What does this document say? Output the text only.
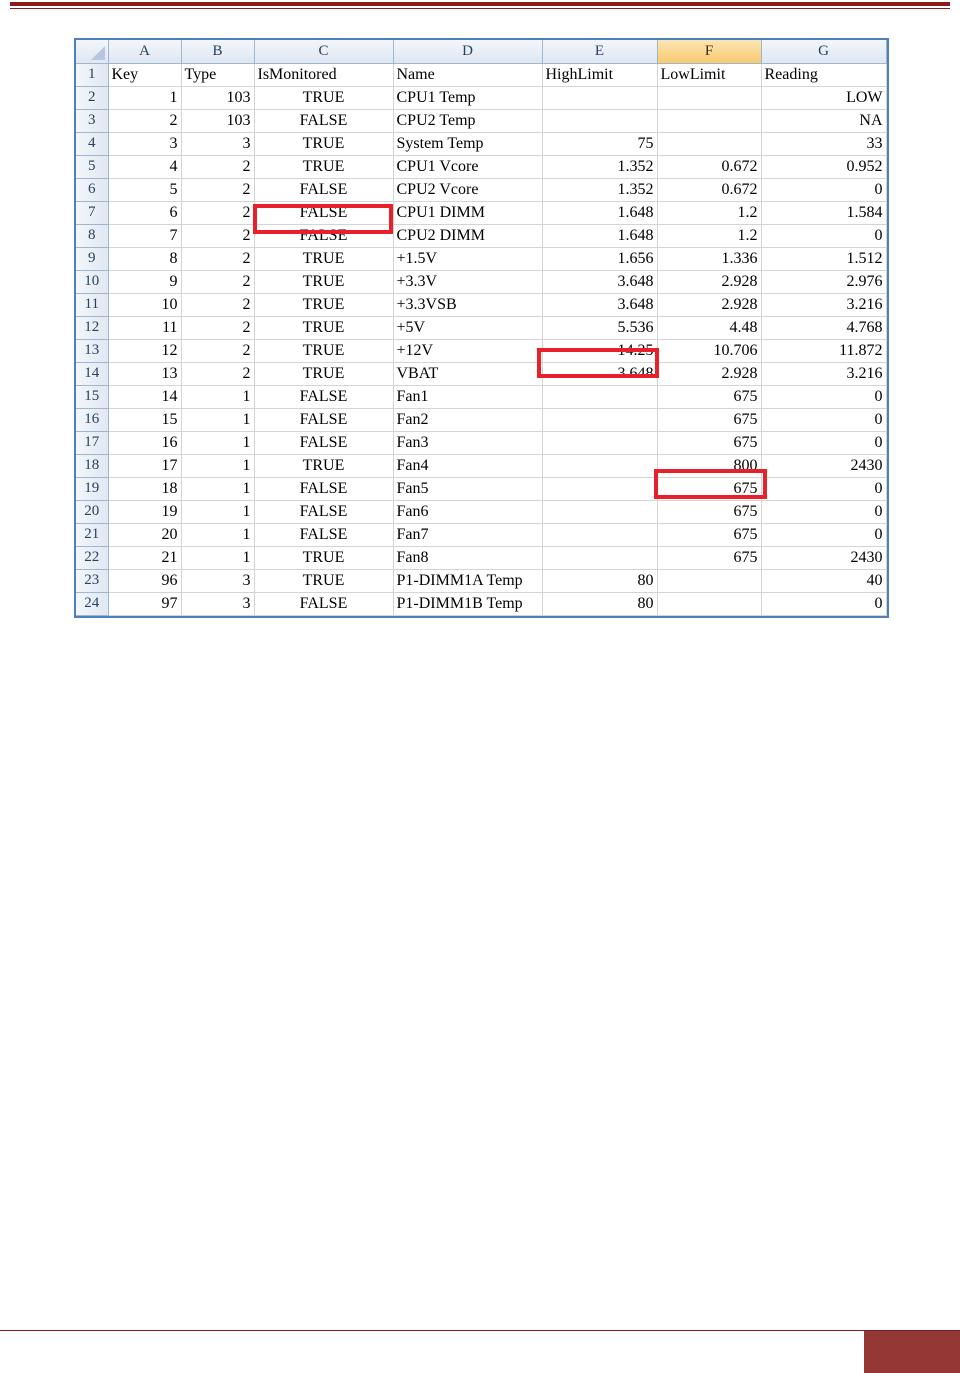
	A	B	C	D	E	F	G
1	Key	Type	IsMonitored	Name	HighLimit	LowLimit	Reading
2	1	103	TRUE	CPU1 Temp			LOW
3	2	103	FALSE	CPU2 Temp			NA
4	3	3	TRUE	System Temp	75		33
5	4	2	TRUE	CPU1 Vcore	1.352	0.672	0.952
6	5	2	FALSE	CPU2 Vcore	1.352	0.672	0
7	6	2	FALSE	CPU1 DIMM	1.648	1.2	1.584
8	7	2	FALSE	CPU2 DIMM	1.648	1.2	0
9	8	2	TRUE	+1.5V	1.656	1.336	1.512
10	9	2	TRUE	+3.3V	3.648	2.928	2.976
11	10	2	TRUE	+3.3VSB	3.648	2.928	3.216
12	11	2	TRUE	+5V	5.536	4.48	4.768
13	12	2	TRUE	+12V	14.25	10.706	11.872
14	13	2	TRUE	VBAT	3.648	2.928	3.216
15	14	1	FALSE	Fan1		675	0
16	15	1	FALSE	Fan2		675	0
17	16	1	FALSE	Fan3		675	0
18	17	1	TRUE	Fan4		800	2430
19	18	1	FALSE	Fan5		675	0
20	19	1	FALSE	Fan6		675	0
21	20	1	FALSE	Fan7		675	0
22	21	1	TRUE	Fan8		675	2430
23	96	3	TRUE	P1-DIMM1A Temp	80		40
24	97	3	FALSE	P1-DIMM1B Temp	80		0
